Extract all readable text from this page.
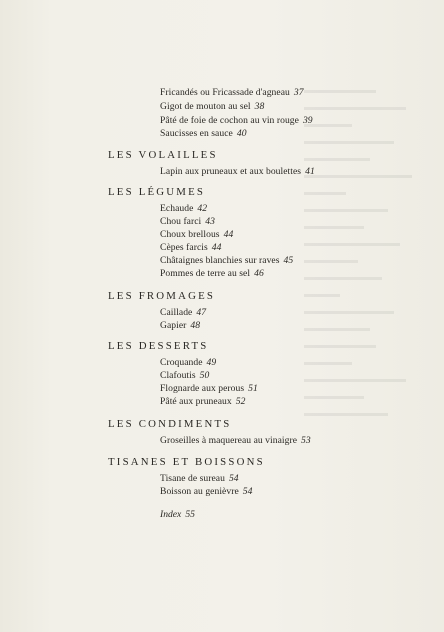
Fricandés ou Fricassade d'agneau 37
Gigot de mouton au sel 38
Pâté de foie de cochon au vin rouge 39
Saucisses en sauce 40
LES VOLAILLES
Lapin aux pruneaux et aux boulettes 41
LES LÉGUMES
Echaude 42
Chou farci 43
Choux brellous 44
Cèpes farcis 44
Châtaignes blanchies sur raves 45
Pommes de terre au sel 46
LES FROMAGES
Caillade 47
Gapier 48
LES DESSERTS
Croquande 49
Clafoutis 50
Flognarde aux perous 51
Pâté aux pruneaux 52
LES CONDIMENTS
Groseilles à maquereau au vinaigre 53
TISANES ET BOISSONS
Tisane de sureau 54
Boisson au genièvre 54
Index 55
